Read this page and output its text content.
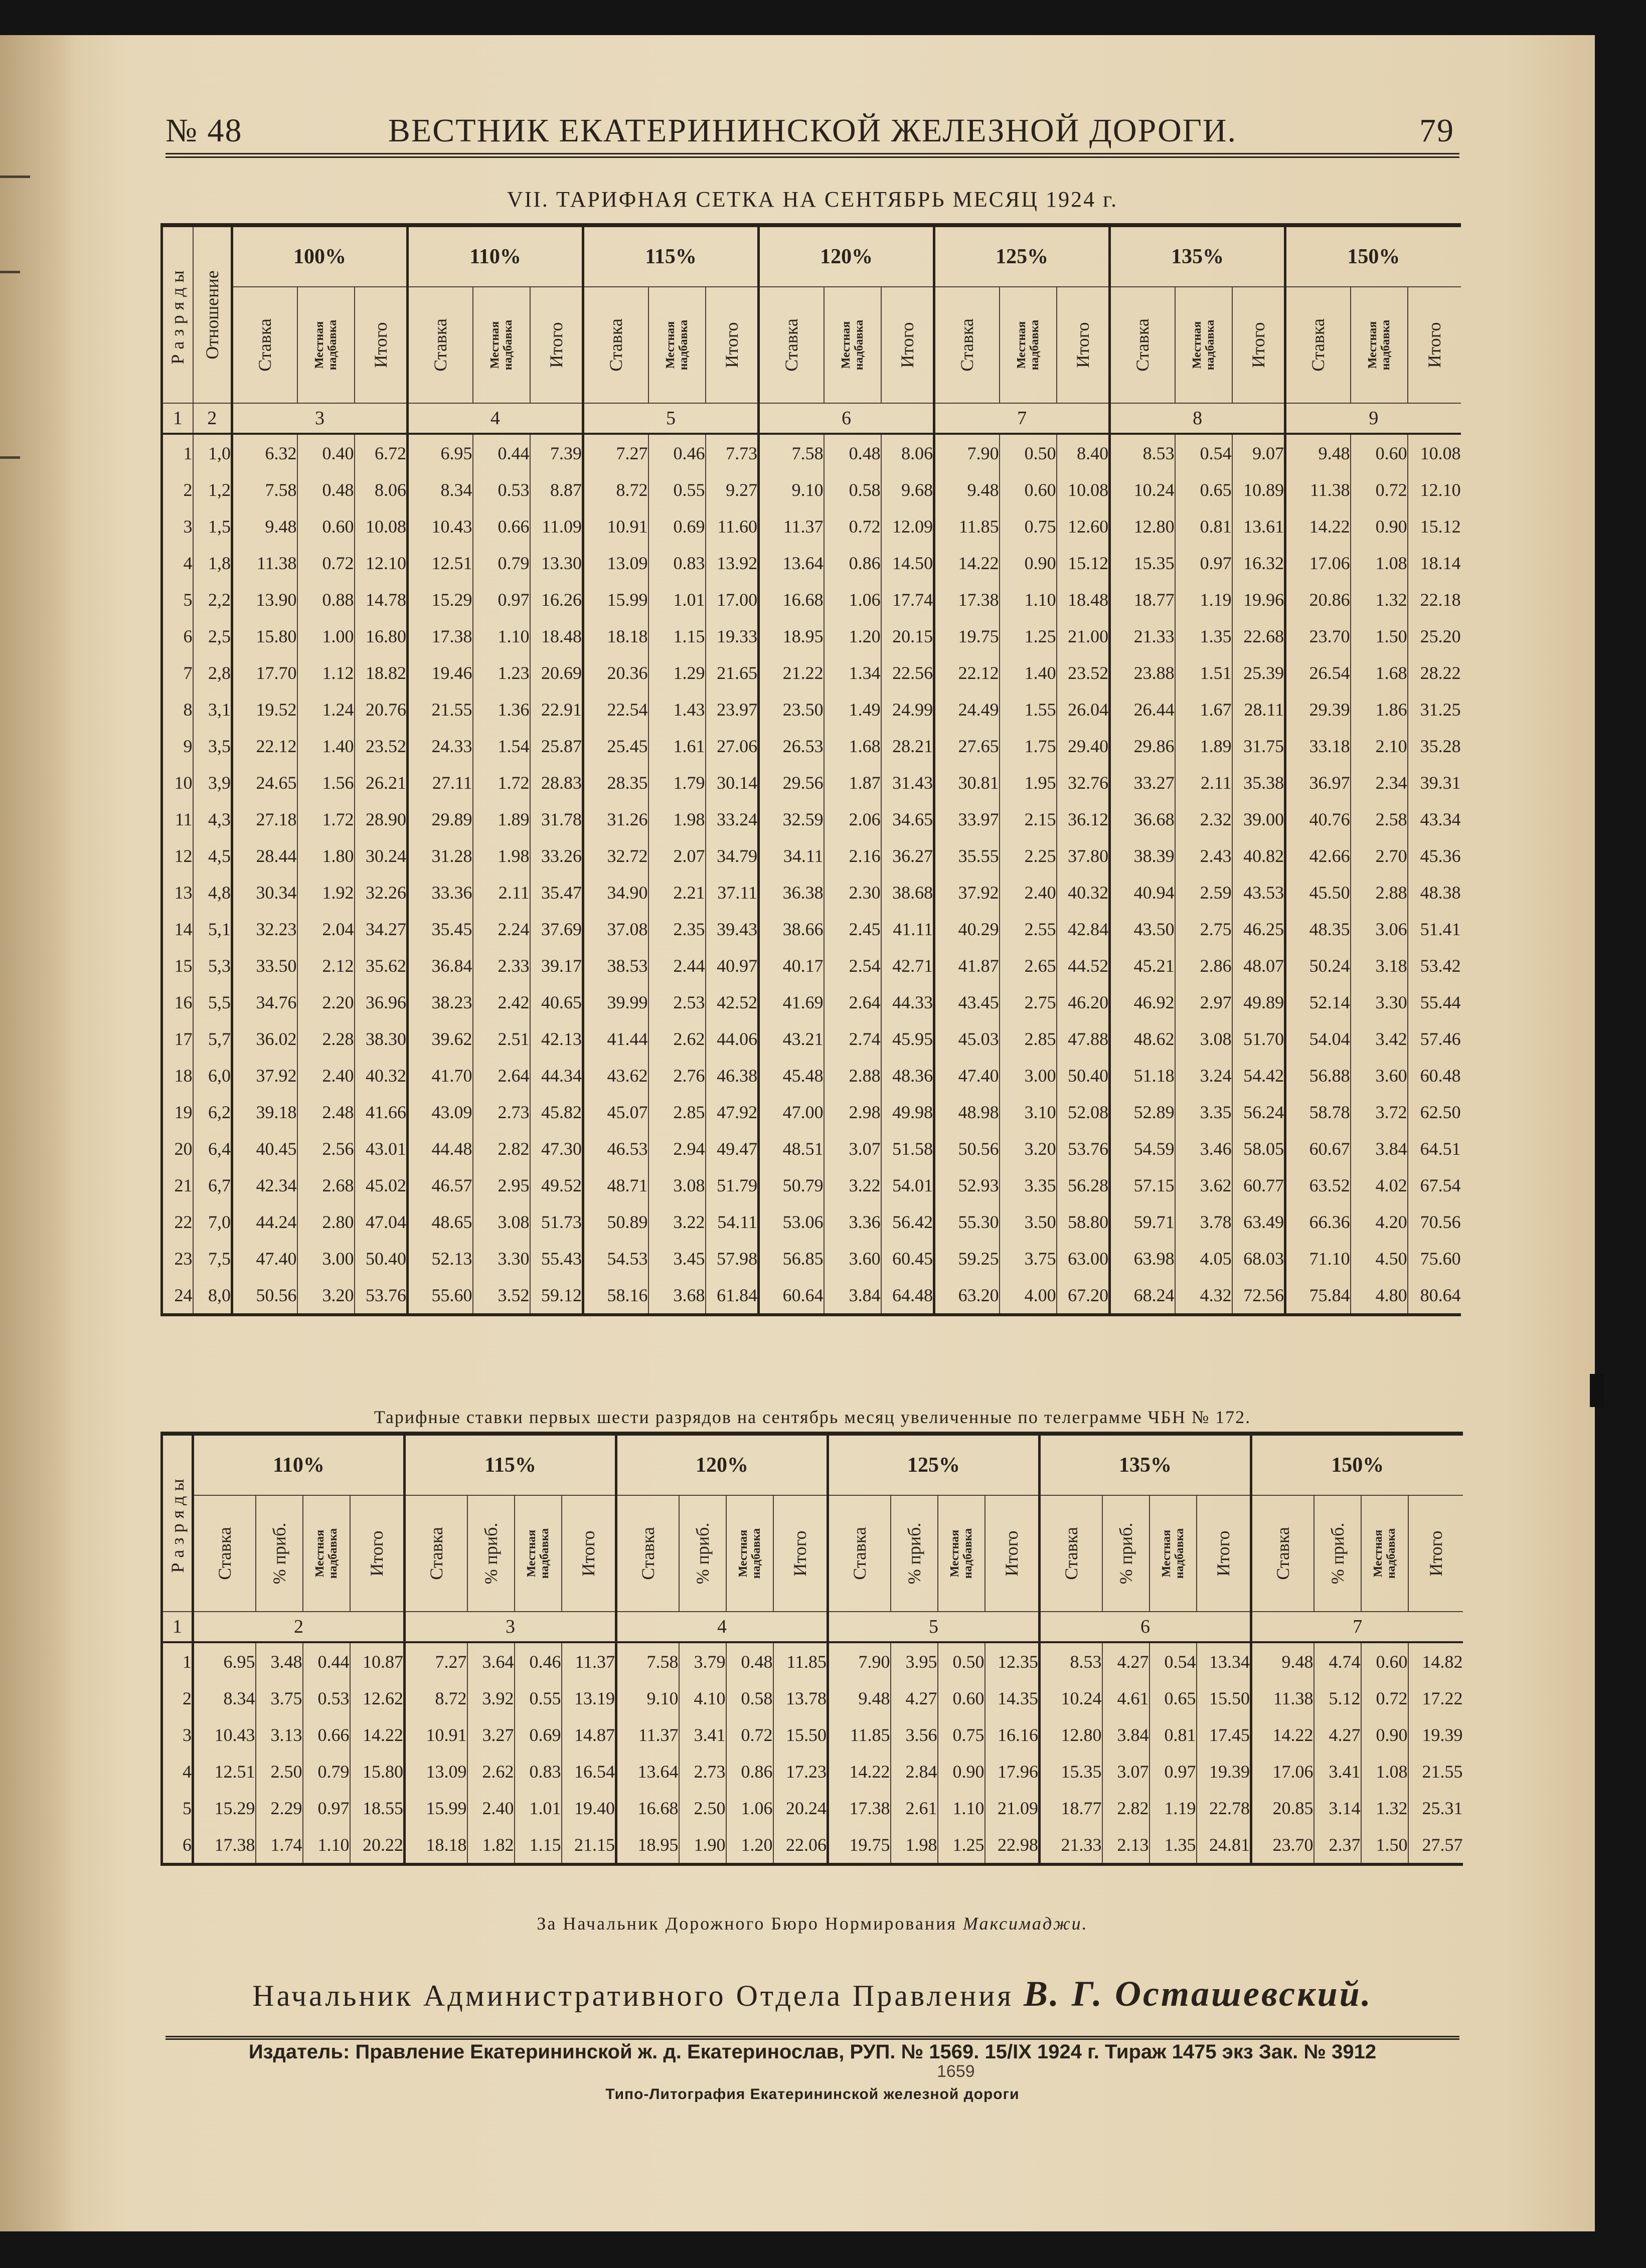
ВЕСТНИК ЕКАТЕРИНИНСКОЙ ЖЕЛЕЗНОЙ ДОРОГИ.
№ 48	79
VII. ТАРИФНАЯ СЕТКА НА СЕНТЯБРЬ МЕСЯЦ 1924 г.
Разряды	Отношение	100%			110%			115%			120%			125%			135%			150%		

		Ставка	Местная надбавка	Итого	Ставка	Местная надбавка	Итого	Ставка	Местная надбавка	Итого	Ставка	Местная надбавка	Итого	Ставка	Местная надбавка	Итого	Ставка	Местная надбавка	Итого	Ставка	Местная надбавка	Итого

1	2	3			4			5			6			7			8			9		
1	1,0	6.32	0.40	6.72	6.95	0.44	7.39	7.27	0.46	7.73	7.58	0.48	8.06	7.90	0.50	8.40	8.53	0.54	9.07	9.48	0.60	10.08
2	1,2	7.58	0.48	8.06	8.34	0.53	8.87	8.72	0.55	9.27	9.10	0.58	9.68	9.48	0.60	10.08	10.24	0.65	10.89	11.38	0.72	12.10
3	1,5	9.48	0.60	10.08	10.43	0.66	11.09	10.91	0.69	11.60	11.37	0.72	12.09	11.85	0.75	12.60	12.80	0.81	13.61	14.22	0.90	15.12
4	1,8	11.38	0.72	12.10	12.51	0.79	13.30	13.09	0.83	13.92	13.64	0.86	14.50	14.22	0.90	15.12	15.35	0.97	16.32	17.06	1.08	18.14
5	2,2	13.90	0.88	14.78	15.29	0.97	16.26	15.99	1.01	17.00	16.68	1.06	17.74	17.38	1.10	18.48	18.77	1.19	19.96	20.86	1.32	22.18
6	2,5	15.80	1.00	16.80	17.38	1.10	18.48	18.18	1.15	19.33	18.95	1.20	20.15	19.75	1.25	21.00	21.33	1.35	22.68	23.70	1.50	25.20
7	2,8	17.70	1.12	18.82	19.46	1.23	20.69	20.36	1.29	21.65	21.22	1.34	22.56	22.12	1.40	23.52	23.88	1.51	25.39	26.54	1.68	28.22
8	3,1	19.52	1.24	20.76	21.55	1.36	22.91	22.54	1.43	23.97	23.50	1.49	24.99	24.49	1.55	26.04	26.44	1.67	28.11	29.39	1.86	31.25
9	3,5	22.12	1.40	23.52	24.33	1.54	25.87	25.45	1.61	27.06	26.53	1.68	28.21	27.65	1.75	29.40	29.86	1.89	31.75	33.18	2.10	35.28
10	3,9	24.65	1.56	26.21	27.11	1.72	28.83	28.35	1.79	30.14	29.56	1.87	31.43	30.81	1.95	32.76	33.27	2.11	35.38	36.97	2.34	39.31
11	4,3	27.18	1.72	28.90	29.89	1.89	31.78	31.26	1.98	33.24	32.59	2.06	34.65	33.97	2.15	36.12	36.68	2.32	39.00	40.76	2.58	43.34
12	4,5	28.44	1.80	30.24	31.28	1.98	33.26	32.72	2.07	34.79	34.11	2.16	36.27	35.55	2.25	37.80	38.39	2.43	40.82	42.66	2.70	45.36
13	4,8	30.34	1.92	32.26	33.36	2.11	35.47	34.90	2.21	37.11	36.38	2.30	38.68	37.92	2.40	40.32	40.94	2.59	43.53	45.50	2.88	48.38
14	5,1	32.23	2.04	34.27	35.45	2.24	37.69	37.08	2.35	39.43	38.66	2.45	41.11	40.29	2.55	42.84	43.50	2.75	46.25	48.35	3.06	51.41
15	5,3	33.50	2.12	35.62	36.84	2.33	39.17	38.53	2.44	40.97	40.17	2.54	42.71	41.87	2.65	44.52	45.21	2.86	48.07	50.24	3.18	53.42
16	5,5	34.76	2.20	36.96	38.23	2.42	40.65	39.99	2.53	42.52	41.69	2.64	44.33	43.45	2.75	46.20	46.92	2.97	49.89	52.14	3.30	55.44
17	5,7	36.02	2.28	38.30	39.62	2.51	42.13	41.44	2.62	44.06	43.21	2.74	45.95	45.03	2.85	47.88	48.62	3.08	51.70	54.04	3.42	57.46
18	6,0	37.92	2.40	40.32	41.70	2.64	44.34	43.62	2.76	46.38	45.48	2.88	48.36	47.40	3.00	50.40	51.18	3.24	54.42	56.88	3.60	60.48
19	6,2	39.18	2.48	41.66	43.09	2.73	45.82	45.07	2.85	47.92	47.00	2.98	49.98	48.98	3.10	52.08	52.89	3.35	56.24	58.78	3.72	62.50
20	6,4	40.45	2.56	43.01	44.48	2.82	47.30	46.53	2.94	49.47	48.51	3.07	51.58	50.56	3.20	53.76	54.59	3.46	58.05	60.67	3.84	64.51
21	6,7	42.34	2.68	45.02	46.57	2.95	49.52	48.71	3.08	51.79	50.79	3.22	54.01	52.93	3.35	56.28	57.15	3.62	60.77	63.52	4.02	67.54
22	7,0	44.24	2.80	47.04	48.65	3.08	51.73	50.89	3.22	54.11	53.06	3.36	56.42	55.30	3.50	58.80	59.71	3.78	63.49	66.36	4.20	70.56
23	7,5	47.40	3.00	50.40	52.13	3.30	55.43	54.53	3.45	57.98	56.85	3.60	60.45	59.25	3.75	63.00	63.98	4.05	68.03	71.10	4.50	75.60
24	8,0	50.56	3.20	53.76	55.60	3.52	59.12	58.16	3.68	61.84	60.64	3.84	64.48	63.20	4.00	67.20	68.24	4.32	72.56	75.84	4.80	80.64
Тарифные ставки первых шести разрядов на сентябрь месяц увеличенные по телеграмме ЧБН № 172.
Разряды	110%				115%				120%				125%				135%				150%			

	Ставка	% приб.	Местная надбавка	Итого	Ставка	% приб.	Местная надбавка	Итого	Ставка	% приб.	Местная надбавка	Итого	Ставка	% приб.	Местная надбавка	Итого	Ставка	% приб.	Местная надбавка	Итого	Ставка	% приб.	Местная надбавка	Итого

1	2				3				4				5				6				7			
1	6.95	3.48	0.44	10.87	7.27	3.64	0.46	11.37	7.58	3.79	0.48	11.85	7.90	3.95	0.50	12.35	8.53	4.27	0.54	13.34	9.48	4.74	0.60	14.82
2	8.34	3.75	0.53	12.62	8.72	3.92	0.55	13.19	9.10	4.10	0.58	13.78	9.48	4.27	0.60	14.35	10.24	4.61	0.65	15.50	11.38	5.12	0.72	17.22
3	10.43	3.13	0.66	14.22	10.91	3.27	0.69	14.87	11.37	3.41	0.72	15.50	11.85	3.56	0.75	16.16	12.80	3.84	0.81	17.45	14.22	4.27	0.90	19.39
4	12.51	2.50	0.79	15.80	13.09	2.62	0.83	16.54	13.64	2.73	0.86	17.23	14.22	2.84	0.90	17.96	15.35	3.07	0.97	19.39	17.06	3.41	1.08	21.55
5	15.29	2.29	0.97	18.55	15.99	2.40	1.01	19.40	16.68	2.50	1.06	20.24	17.38	2.61	1.10	21.09	18.77	2.82	1.19	22.78	20.85	3.14	1.32	25.31
6	17.38	1.74	1.10	20.22	18.18	1.82	1.15	21.15	18.95	1.90	1.20	22.06	19.75	1.98	1.25	22.98	21.33	2.13	1.35	24.81	23.70	2.37	1.50	27.57
За Начальник Дорожного Бюро Нормирования Максимаджи.
Начальник Административного Отдела Правления В. Г. Осташевский.
Издатель: Правление Екатерининской ж. д. Екатеринослав, РУП. № 1569. 15/IX 1924 г. Тираж 1475 экз Зак. № 3912
1659
Типо-Литография Екатерининской железной дороги
